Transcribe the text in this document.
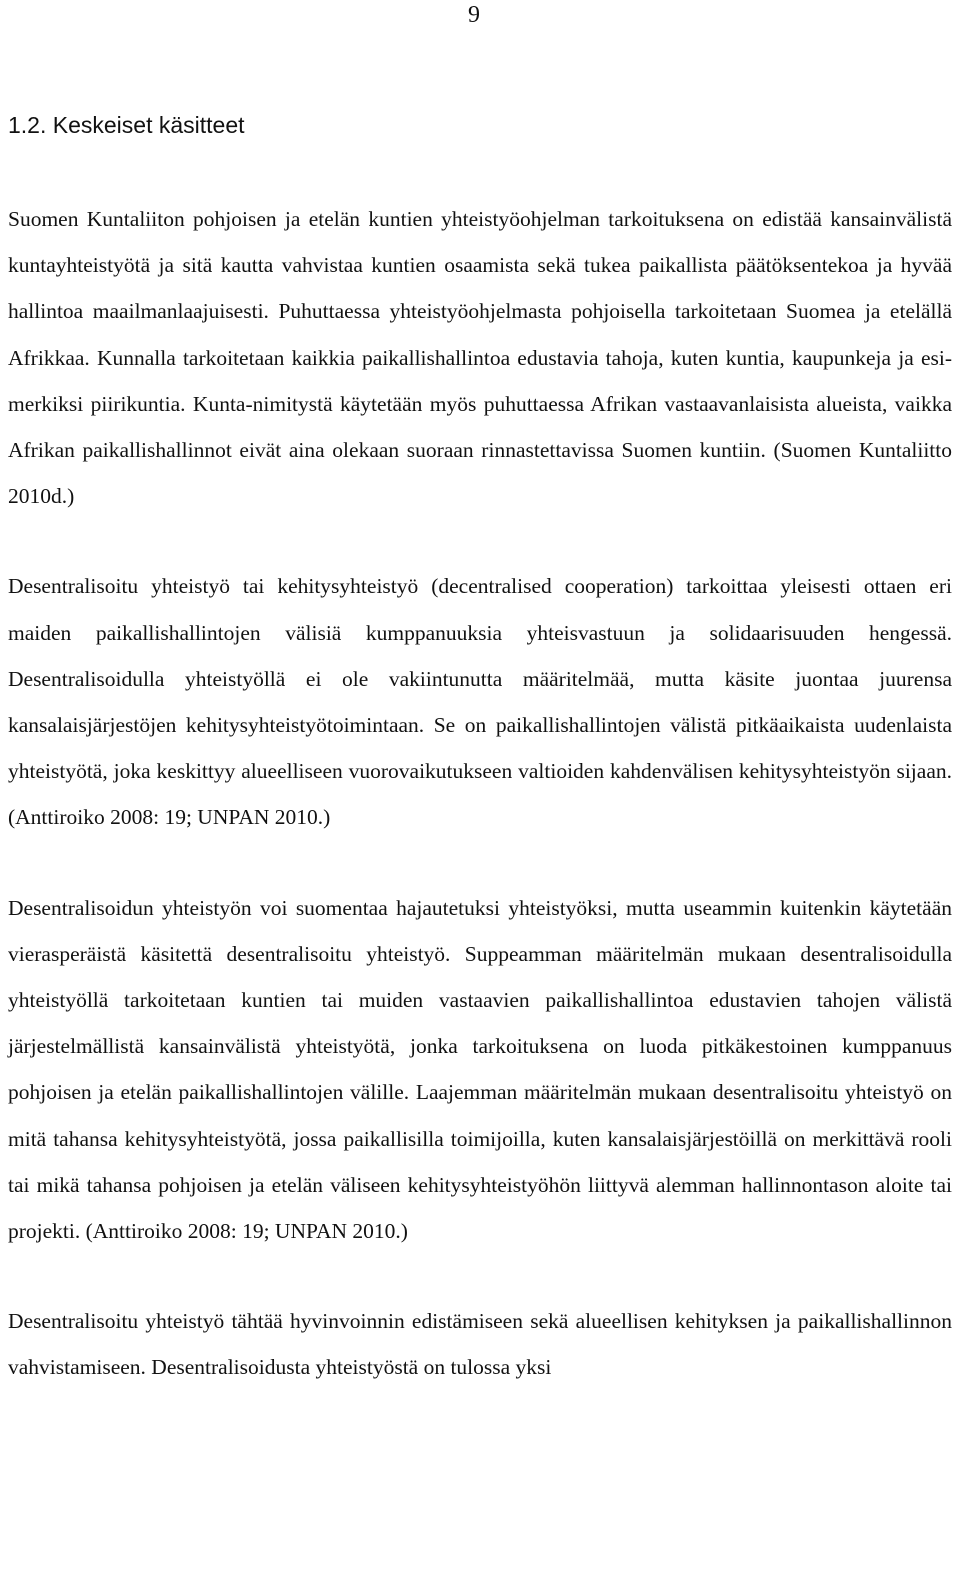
9
1.2. Keskeiset käsitteet

Suomen Kuntaliiton pohjoisen ja etelän kuntien yhteistyöohjelman tarkoituksena on edistää kansainvälistä kuntayhteistyötä ja sitä kautta vahvistaa kuntien osaamista sekä tukea paikallista päätöksentekoa ja hyvää hallintoa maailmanlaajuisesti. Puhuttaessa yhteistyöohjelmasta pohjoisella tarkoitetaan Suomea ja etelällä Afrikkaa. Kunnalla tarkoitetaan kaikkia paikallishallintoa edustavia tahoja, kuten kuntia, kaupunkeja ja esimerkiksi piirikuntia. Kunta-nimitystä käytetään myös puhuttaessa Afrikan vastaavanlaisista alueista, vaikka Afrikan paikallishallinnot eivät aina olekaan suoraan rinnastettavissa Suomen kuntiin. (Suomen Kuntaliitto 2010d.)

Desentralisoitu yhteistyö tai kehitysyhteistyö (decentralised cooperation) tarkoittaa yleisesti ottaen eri maiden paikallishallintojen välisiä kumppanuuksia yhteisvastuun ja solidaarisuuden hengessä. Desentralisoidulla yhteistyöllä ei ole vakiintunutta määritelmää, mutta käsite juontaa juurensa kansalaisjärjestöjen kehitysyhteistyötoimintaan. Se on paikallishallintojen välistä pitkäaikaista uudenlaista yhteistyötä, joka keskittyy alueelliseen vuorovaikutukseen valtioiden kahdenvälisen kehitysyhteistyön sijaan. (Anttiroiko 2008: 19; UNPAN 2010.)

Desentralisoidun yhteistyön voi suomentaa hajautetuksi yhteistyöksi, mutta useammin kuitenkin käytetään vierasperäistä käsitettä desentralisoitu yhteistyö. Suppeamman määritelmän mukaan desentralisoidulla yhteistyöllä tarkoitetaan kuntien tai muiden vastaavien paikallishallintoa edustavien tahojen välistä järjestelmällistä kansainvälistä yhteistyötä, jonka tarkoituksena on luoda pitkäkestoinen kumppanuus pohjoisen ja etelän paikallishallintojen välille. Laajemman määritelmän mukaan desentralisoitu yhteistyö on mitä tahansa kehitysyhteistyötä, jossa paikallisilla toimijoilla, kuten kansalaisjärjestöillä on merkittävä rooli tai mikä tahansa pohjoisen ja etelän väliseen kehitysyhteistyöhön liittyvä alemman hallinnontason aloite tai projekti. (Anttiroiko 2008: 19; UNPAN 2010.)

Desentralisoitu yhteistyö tähtää hyvinvoinnin edistämiseen sekä alueellisen kehityksen ja paikallishallinnon vahvistamiseen. Desentralisoidusta yhteistyöstä on tulossa yksi
